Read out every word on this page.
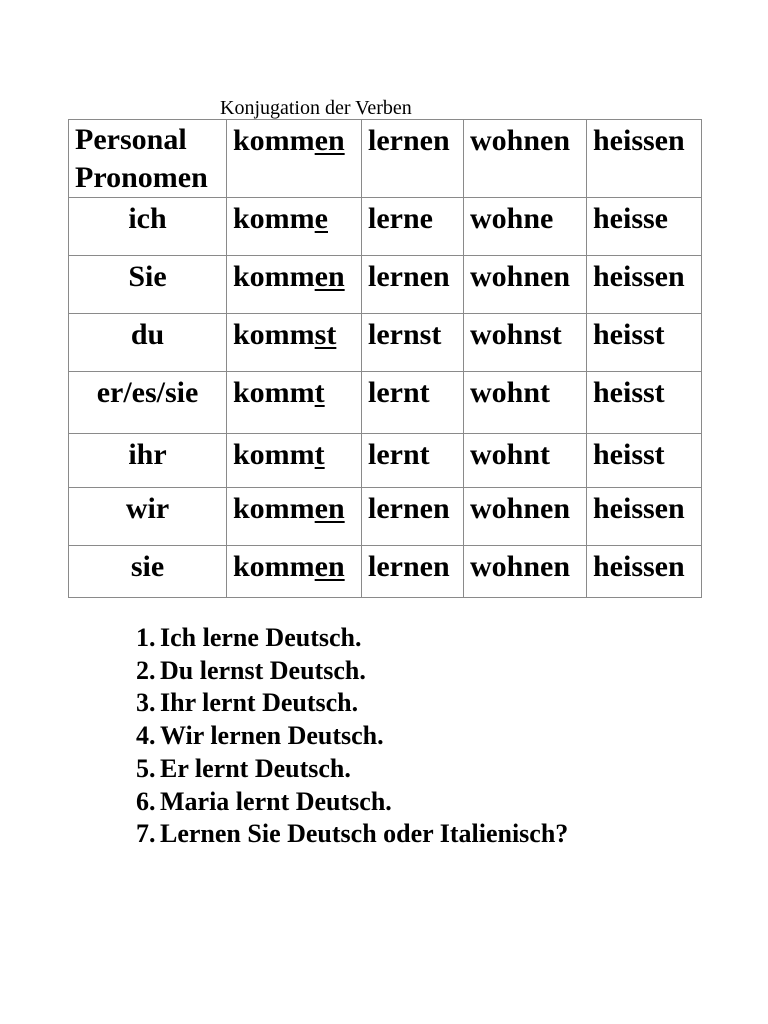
Konjugation der Verben
Personal
Pronomen	kommen	lernen	wohnen	heissen

ich	komme	lerne	wohne	heisse

Sie	kommen	lernen	wohnen	heissen

du	kommst	lernst	wohnst	heisst

er/es/sie	kommt	lernt	wohnt	heisst

ihr	kommt	lernt	wohnt	heisst

wir	kommen	lernen	wohnen	heissen

sie	kommen	lernen	wohnen	heissen
1. Ich lerne Deutsch.
2. Du lernst Deutsch.
3. Ihr lernt Deutsch.
4. Wir lernen Deutsch.
5. Er lernt Deutsch.
6. Maria lernt Deutsch.
7. Lernen Sie Deutsch oder Italienisch?
